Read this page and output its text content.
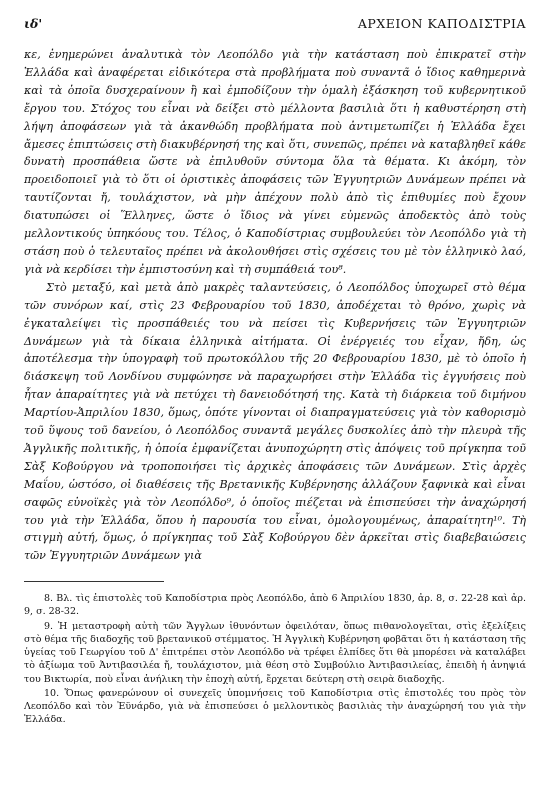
ιδ'	ΑΡΧΕΙΟΝ ΚΑΠΟΔΙΣΤΡΙΑ

κε, ἐνημερώνει ἀναλυτικὰ τὸν Λεοπόλδο γιὰ τὴν κατάσταση ποὺ ἐπικρατεῖ στὴν Ἑλλάδα καὶ ἀναφέρεται εἰδικότερα στὰ προβλήματα ποὺ συναντᾶ ὁ ἴδιος καθημερινὰ καὶ τὰ ὁποῖα δυσχεραίνουν ἢ καὶ ἐμποδίζουν τὴν ὁμαλὴ ἐξάσκηση τοῦ κυβερνητικοῦ ἔργου του. Στόχος του εἶναι νὰ δείξει στὸ μέλλοντα βασιλιὰ ὅτι ἡ καθυστέρηση στὴ λήψη ἀποφάσεων γιὰ τὰ ἀκανθώδη προβλήματα ποὺ ἀντιμετωπίζει ἡ Ἑλλάδα ἔχει ἄμεσες ἐπιπτώσεις στὴ διακυβέρνησή της καὶ ὅτι, συνεπῶς, πρέπει νὰ καταβληθεῖ κάθε δυνατὴ προσπάθεια ὥστε νὰ ἐπιλυθοῦν σύντομα ὅλα τὰ θέματα. Κι ἀκόμη, τὸν προειδοποιεῖ γιὰ τὸ ὅτι οἱ ὁριστικὲς ἀποφάσεις τῶν Ἐγγυητριῶν Δυνάμεων πρέπει νὰ ταυτίζονται ἤ, τουλάχιστον, νὰ μὴν ἀπέχουν πολὺ ἀπὸ τὶς ἐπιθυμίες ποὺ ἔχουν διατυπώσει οἱ Ἕλληνες, ὥστε ὁ ἴδιος νὰ γίνει εὐμενῶς ἀποδεκτὸς ἀπὸ τοὺς μελλοντικούς ὑπηκόους του. Τέλος, ὁ Καποδίστριας συμβουλεύει τὸν Λεοπόλδο γιὰ τὴ στάση ποὺ ὁ τελευταῖος πρέπει νὰ ἀκολουθήσει στὶς σχέσεις του μὲ τὸν ἑλληνικὸ λαό, γιὰ νὰ κερδίσει τὴν ἐμπιστοσύνη καὶ τὴ συμπάθειά του⁸.

Στὸ μεταξύ, καὶ μετὰ ἀπὸ μακρὲς ταλαντεύσεις, ὁ Λεοπόλδος ὑποχωρεῖ στὸ θέμα τῶν συνόρων καί, στὶς 23 Φεβρουαρίου τοῦ 1830, ἀποδέχεται τὸ θρόνο, χωρὶς νὰ ἐγκαταλείψει τὶς προσπάθειές του νὰ πείσει τὶς Κυβερνήσεις τῶν Ἐγγυητριῶν Δυνάμεων γιὰ τὰ δίκαια ἑλληνικὰ αἰτήματα. Οἱ ἐνέργειές του εἶχαν, ἤδη, ὡς ἀποτέλεσμα τὴν ὑπογραφὴ τοῦ πρωτοκόλλου τῆς 20 Φεβρουαρίου 1830, μὲ τὸ ὁποῖο ἡ διάσκεψη τοῦ Λονδίνου συμφώνησε νὰ παραχωρήσει στὴν Ἑλλάδα τὶς ἐγγυήσεις ποὺ ἦταν ἀπαραίτητες γιὰ νὰ πετύχει τὴ δανειοδότησή της. Κατὰ τὴ διάρκεια τοῦ διμήνου Μαρτίου-Ἀπριλίου 1830, ὅμως, ὁπότε γίνονται οἱ διαπραγματεύσεις γιὰ τὸν καθορισμὸ τοῦ ὕψους τοῦ δανείου, ὁ Λεοπόλδος συναντᾶ μεγάλες δυσκολίες ἀπὸ τὴν πλευρὰ τῆς Ἀγγλικῆς πολιτικῆς, ἡ ὁποία ἐμφανίζεται ἀνυποχώρητη στὶς ἀπόψεις τοῦ πρίγκηπα τοῦ Σὰξ Κοβούργου νὰ τροποποιήσει τὶς ἀρχικὲς ἀποφάσεις τῶν Δυνάμεων. Στὶς ἀρχὲς Μαΐου, ὡστόσο, οἱ διαθέσεις τῆς Βρετανικῆς Κυβέρνησης ἀλλάζουν ξαφνικὰ καὶ εἶναι σαφῶς εὐνοϊκὲς γιὰ τὸν Λεοπόλδο⁹, ὁ ὁποῖος πιέζεται νὰ ἐπισπεύσει τὴν ἀναχώρησή του γιὰ τὴν Ἑλλάδα, ὅπου ἡ παρουσία του εἶναι, ὁμολογουμένως, ἀπαραίτητη¹⁰. Τὴ στιγμὴ αὐτή, ὅμως, ὁ πρίγκηπας τοῦ Σὰξ Κοβούργου δὲν ἀρκεῖται στὶς διαβεβαιώσεις τῶν Ἐγγυητριῶν Δυνάμεων γιὰ

8. Βλ. τὶς ἐπιστολὲς τοῦ Καποδίστρια πρὸς Λεοπόλδο, ἀπὸ 6 Ἀπριλίου 1830, ἀρ. 8, σ. 22-28 καὶ ἀρ. 9, σ. 28-32.

9. Ἡ μεταστροφὴ αὐτὴ τῶν Ἄγγλων ἰθυνόντων ὀφειλόταν, ὅπως πιθανολογεῖται, στὶς ἐξελίξεις στὸ θέμα τῆς διαδοχῆς τοῦ βρετανικοῦ στέμματος. Ἡ Ἀγγλικὴ Κυβέρνηση φοβᾶται ὅτι ἡ κατάσταση τῆς ὑγείας τοῦ Γεωργίου τοῦ Δ' ἐπιτρέπει στὸν Λεοπόλδο νὰ τρέφει ἐλπίδες ὅτι θὰ μπορέσει νὰ καταλάβει τὸ ἀξίωμα τοῦ Ἀντιβασιλέα ἤ, τουλάχιστον, μιὰ θέση στὸ Συμβούλιο Ἀντιβασιλείας, ἐπειδὴ ἡ ἀνηψιά του Βικτωρία, ποὺ εἶναι ἀνήλικη τὴν ἐποχὴ αὐτή, ἔρχεται δεύτερη στὴ σειρὰ διαδοχῆς.

10. Ὅπως φανερώνουν οἱ συνεχεῖς ὑπομνήσεις τοῦ Καποδίστρια στὶς ἐπιστολές του πρὸς τὸν Λεοπόλδο καὶ τὸν Ἐϋνάρδο, γιὰ νὰ ἐπισπεύσει ὁ μελλοντικὸς βασιλιὰς τὴν ἀναχώρησή του γιὰ τὴν Ἑλλάδα.
